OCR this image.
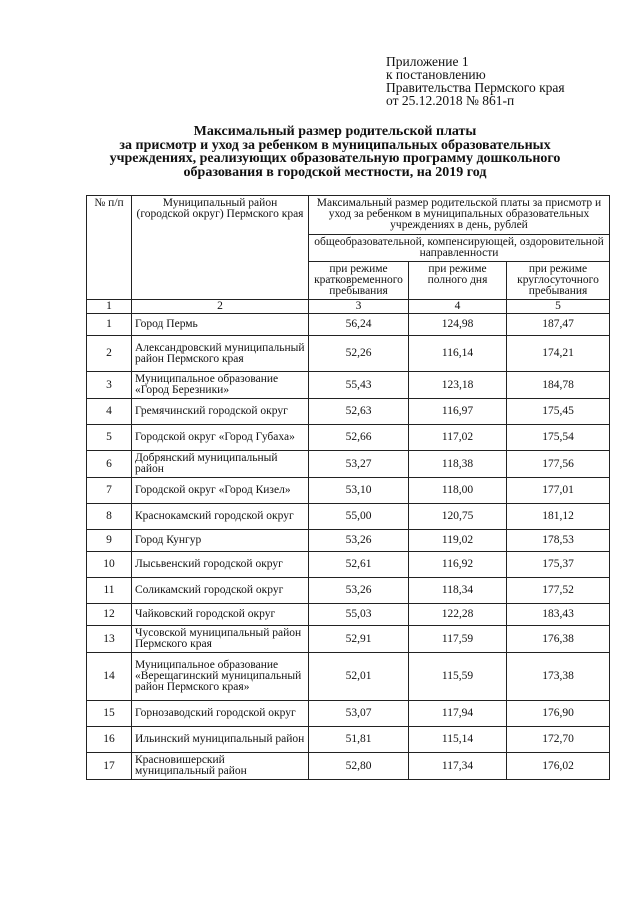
Приложение 1
к постановлению
Правительства Пермского края
от 25.12.2018 № 861-п
Максимальный размер родительской платы
за присмотр и уход за ребенком в муниципальных образовательных
учреждениях, реализующих образовательную программу дошкольного
образования в городской местности, на 2019 год
№ п/п	Муниципальный район (городской округ) Пермского края	Максимальный размер родительской платы за присмотр и уход за ребенком в муниципальных образовательных учреждениях в день, рублей		
		общеобразовательной, компенсирующей, оздоровительной направленности		
		при режиме кратковременного пребывания	при режиме полного дня	при режиме круглосуточного пребывания
1	2	3	4	5
1	Город Пермь	56,24	124,98	187,47
2	Александровский муниципальный район Пермского края	52,26	116,14	174,21
3	Муниципальное образование «Город Березники»	55,43	123,18	184,78
4	Гремячинский городской округ	52,63	116,97	175,45
5	Городской округ «Город Губаха»	52,66	117,02	175,54
6	Добрянский муниципальный район	53,27	118,38	177,56
7	Городской округ «Город Кизел»	53,10	118,00	177,01
8	Краснокамский городской округ	55,00	120,75	181,12
9	Город Кунгур	53,26	119,02	178,53
10	Лысьвенский городской округ	52,61	116,92	175,37
11	Соликамский городской округ	53,26	118,34	177,52
12	Чайковский городской округ	55,03	122,28	183,43
13	Чусовской муниципальный район Пермского края	52,91	117,59	176,38
14	Муниципальное образование «Верещагинский муниципальный район Пермского края»	52,01	115,59	173,38
15	Горнозаводский городской округ	53,07	117,94	176,90
16	Ильинский муниципальный район	51,81	115,14	172,70
17	Красновишерский муниципальный район	52,80	117,34	176,02
